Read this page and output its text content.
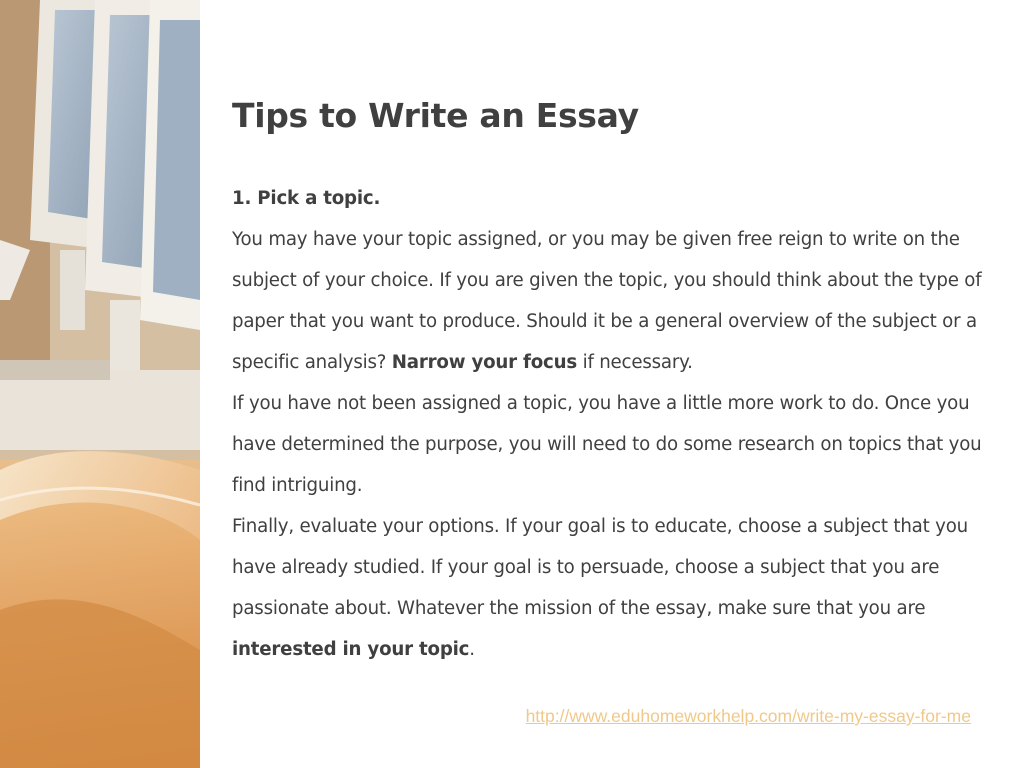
Tips to Write an Essay

1. Pick a topic.

You may have your topic assigned, or you may be given free reign to write on the subject of your choice. If you are given the topic, you should think about the type of paper that you want to produce. Should it be a general overview of the subject or a specific analysis? Narrow your focus if necessary.

If you have not been assigned a topic, you have a little more work to do. Once you have determined the purpose, you will need to do some research on topics that you find intriguing.

Finally, evaluate your options. If your goal is to educate, choose a subject that you have already studied. If your goal is to persuade, choose a subject that you are passionate about. Whatever the mission of the essay, make sure that you are interested in your topic.

http://www.eduhomeworkhelp.com/write-my-essay-for-me
